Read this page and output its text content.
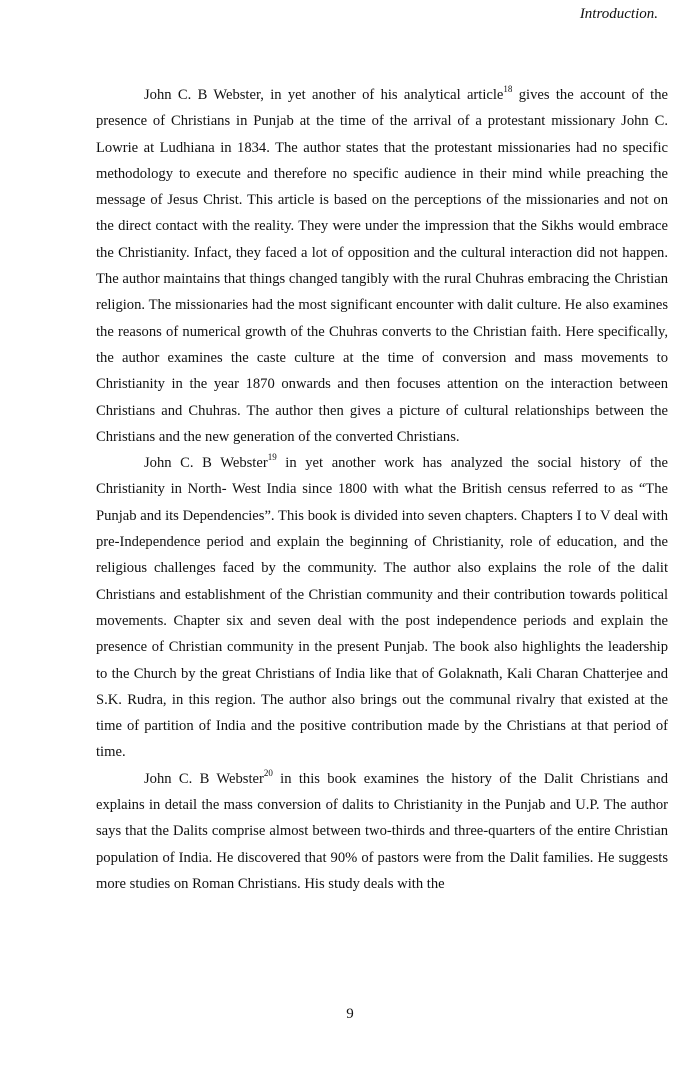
Introduction.

John C. B Webster, in yet another of his analytical article$^{18}$ gives the account of the presence of Christians in Punjab at the time of the arrival of a protestant missionary John C. Lowrie at Ludhiana in 1834. The author states that the protestant missionaries had no specific methodology to execute and therefore no specific audience in their mind while preaching the message of Jesus Christ. This article is based on the perceptions of the missionaries and not on the direct contact with the reality. They were under the impression that the Sikhs would embrace the Christianity. Infact, they faced a lot of opposition and the cultural interaction did not happen. The author maintains that things changed tangibly with the rural Chuhras embracing the Christian religion. The missionaries had the most significant encounter with dalit culture. He also examines the reasons of numerical growth of the Chuhras converts to the Christian faith. Here specifically, the author examines the caste culture at the time of conversion and mass movements to Christianity in the year 1870 onwards and then focuses attention on the interaction between Christians and Chuhras. The author then gives a picture of cultural relationships between the Christians and the new generation of the converted Christians.

John C. B Webster$^{19}$ in yet another work has analyzed the social history of the Christianity in North- West India since 1800 with what the British census referred to as “The Punjab and its Dependencies”. This book is divided into seven chapters. Chapters I to V deal with pre-Independence period and explain the beginning of Christianity, role of education, and the religious challenges faced by the community. The author also explains the role of the dalit Christians and establishment of the Christian community and their contribution towards political movements. Chapter six and seven deal with the post independence periods and explain the presence of Christian community in the present Punjab. The book also highlights the leadership to the Church by the great Christians of India like that of Golaknath, Kali Charan Chatterjee and S.K. Rudra, in this region. The author also brings out the communal rivalry that existed at the time of partition of India and the positive contribution made by the Christians at that period of time.

John C. B Webster$^{20}$ in this book examines the history of the Dalit Christians and explains in detail the mass conversion of dalits to Christianity in the Punjab and U.P. The author says that the Dalits comprise almost between two-thirds and three-quarters of the entire Christian population of India. He discovered that 90% of pastors were from the Dalit families. He suggests more studies on Roman Christians. His study deals with the

9
